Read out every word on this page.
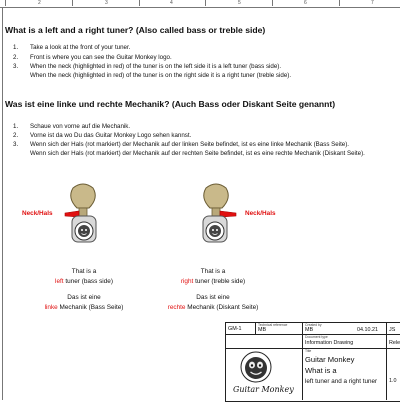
2	3	4	5	6	7
What is a left and a right tuner? (Also called bass or treble side)
1. Take a look at the front of your tuner.
2. Front is where you can see the Guitar Monkey logo.
3. When the neck (highlighted in red) of the tuner is on the left side it is a left tuner (bass side).
When the neck (highlighted in red) of the tuner is on the right side it is a right tuner (treble side).
Was ist eine linke und rechte Mechanik? (Auch Bass oder Diskant Seite genannt)
1. Schaue von vorne auf die Mechanik.
2. Vorne ist da wo Du das Guitar Monkey Logo sehen kannst.
3. Wenn sich der Hals (rot markiert) der Mechanik auf der linken Seite befindet, ist es eine linke Mechanik (Bass Seite).
Wenn sich der Hals (rot markiert) der Mechanik auf der rechten Seite befindet, ist es eine rechte Mechanik (Diskant Seite).
Neck/Hals
That is a
left tuner (bass side)
Das ist eine
linke Mechanik (Bass Seite)
Neck/Hals
That is a
right tuner (treble side)
Das ist eine
rechte Mechanik (Diskant Seite)
GM-1
Technical reference
MB
Created by
MB	04.10.21 JS
Document type
Information Drawing	Rele
Title
Guitar Monkey
What is a
left tuner and a right tuner 1.0
Guitar Monkey
